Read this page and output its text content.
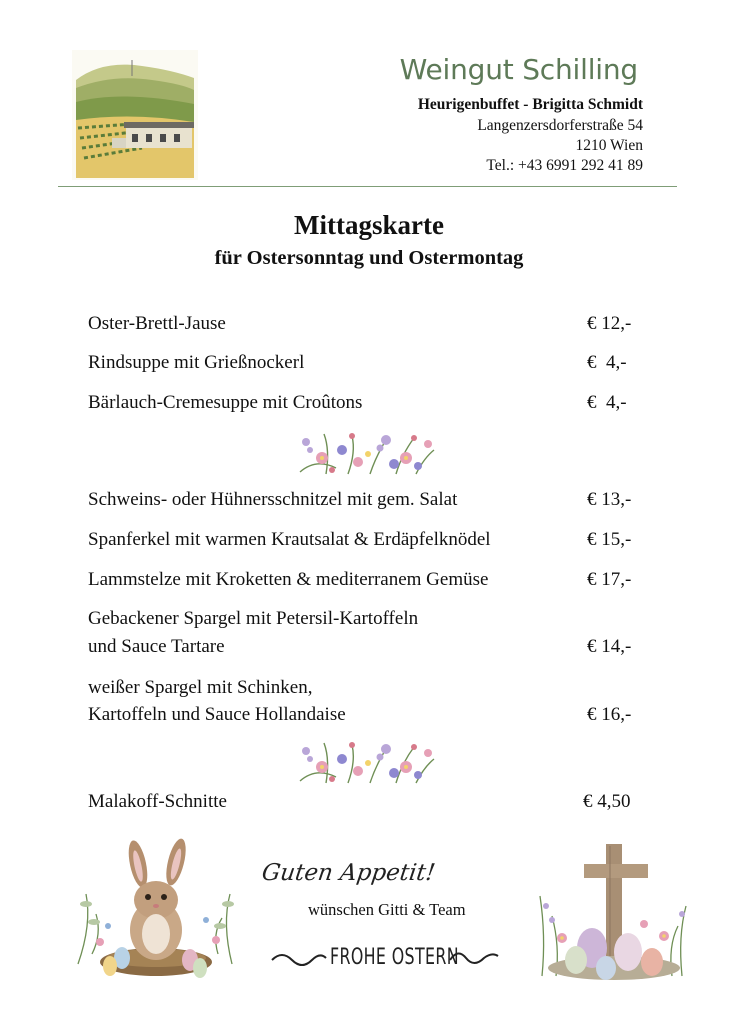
Weingut Schilling
Heurigenbuffet - Brigitta Schmidt
Langenzersdorferstraße 54
1210 Wien
Tel.: +43 6991 292 41 89
Mittagskarte
für Ostersonntag und Ostermontag
Oster-Brettl-Jause	€ 12,-
Rindsuppe mit Grießnockerl	€  4,-
Bärlauch-Cremesuppe mit Croûtons	€  4,-
Schweins- oder Hühnersschnitzel mit gem. Salat	€ 13,-
Spanferkel mit warmen Krautsalat & Erdäpfelknödel	€ 15,-
Lammstelze mit Kroketten & mediterranem Gemüse	€ 17,-
Gebackener Spargel mit Petersil-Kartoffeln
und Sauce Tartare	€ 14,-
weißer Spargel mit Schinken,
Kartoffeln und Sauce Hollandaise	€ 16,-
Malakoff-Schnitte	€ 4,50
Guten Appetit!
wünschen Gitti & Team
FROHE OSTERN
